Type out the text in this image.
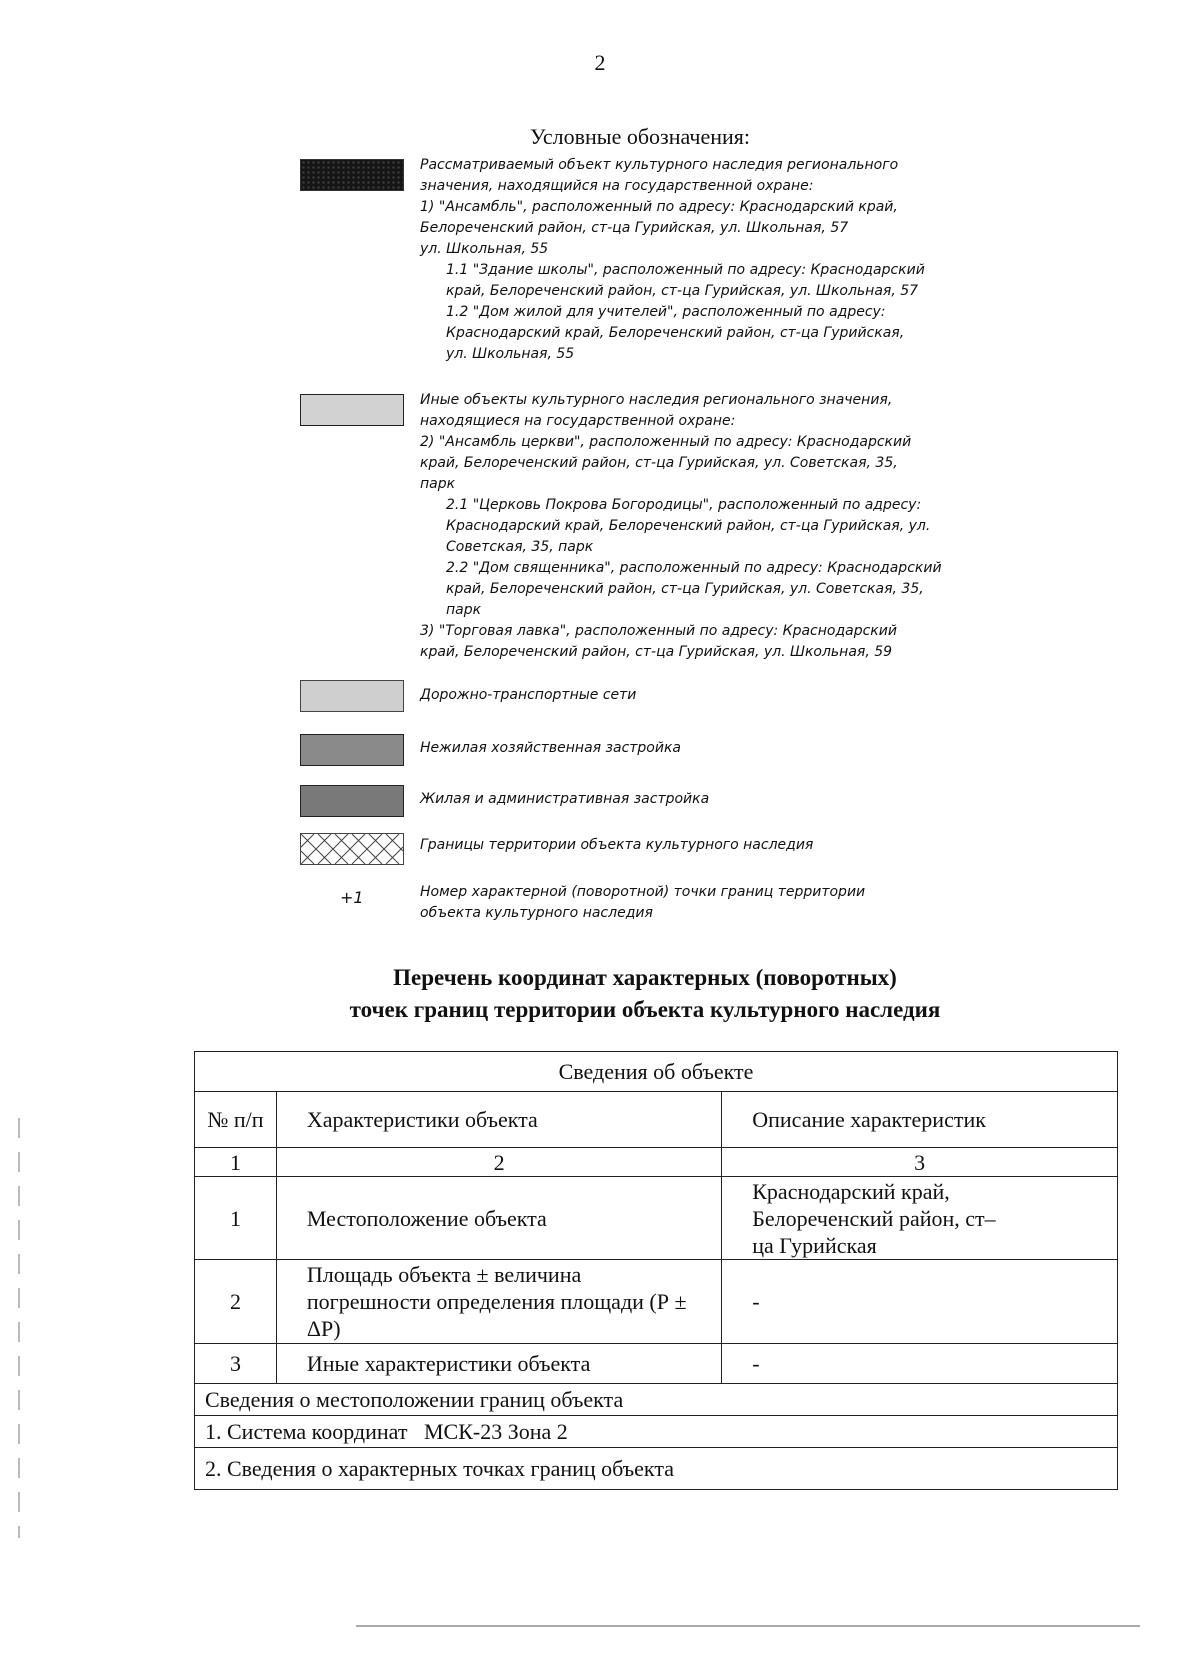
2
Условные обозначения:
Рассматриваемый объект культурного наследия регионального
значения, находящийся на государственной охране:
1) "Ансамбль", расположенный по адресу: Краснодарский край,
Белореченский район, ст-ца Гурийская, ул. Школьная, 57
ул. Школьная, 55
1.1 "Здание школы", расположенный по адресу: Краснодарский
край, Белореченский район, ст-ца Гурийская, ул. Школьная, 57
1.2 "Дом жилой для учителей", расположенный по адресу:
Краснодарский край, Белореченский район, ст-ца Гурийская,
ул. Школьная, 55
Иные объекты культурного наследия регионального значения,
находящиеся на государственной охране:
2) "Ансамбль церкви", расположенный по адресу: Краснодарский
край, Белореченский район, ст-ца Гурийская, ул. Советская, 35,
парк
2.1 "Церковь Покрова Богородицы", расположенный по адресу:
Краснодарский край, Белореченский район, ст-ца Гурийская, ул.
Советская, 35, парк
2.2 "Дом священника", расположенный по адресу: Краснодарский
край, Белореченский район, ст-ца Гурийская, ул. Советская, 35,
парк
3) "Торговая лавка", расположенный по адресу: Краснодарский
край, Белореченский район, ст-ца Гурийская, ул. Школьная, 59
Дорожно-транспортные сети
Нежилая хозяйственная застройка
Жилая и административная застройка
Границы территории объекта культурного наследия
+1	Номер характерной (поворотной) точки границ территории
объекта культурного наследия
Перечень координат характерных (поворотных)
точек границ территории объекта культурного наследия
Сведения об объекте		
№ п/п	Характеристики объекта	Описание характеристик
1	2	3
1	Местоположение объекта	Краснодарский край, Белореченский район, ст–ца Гурийская
2	Площадь объекта ± величина погрешности определения площади (Р ± ΔР)	-
3	Иные характеристики объекта	-
Сведения о местоположении границ объекта		
1. Система координат   МСК-23 Зона 2		
2. Сведения о характерных точках границ объекта		
